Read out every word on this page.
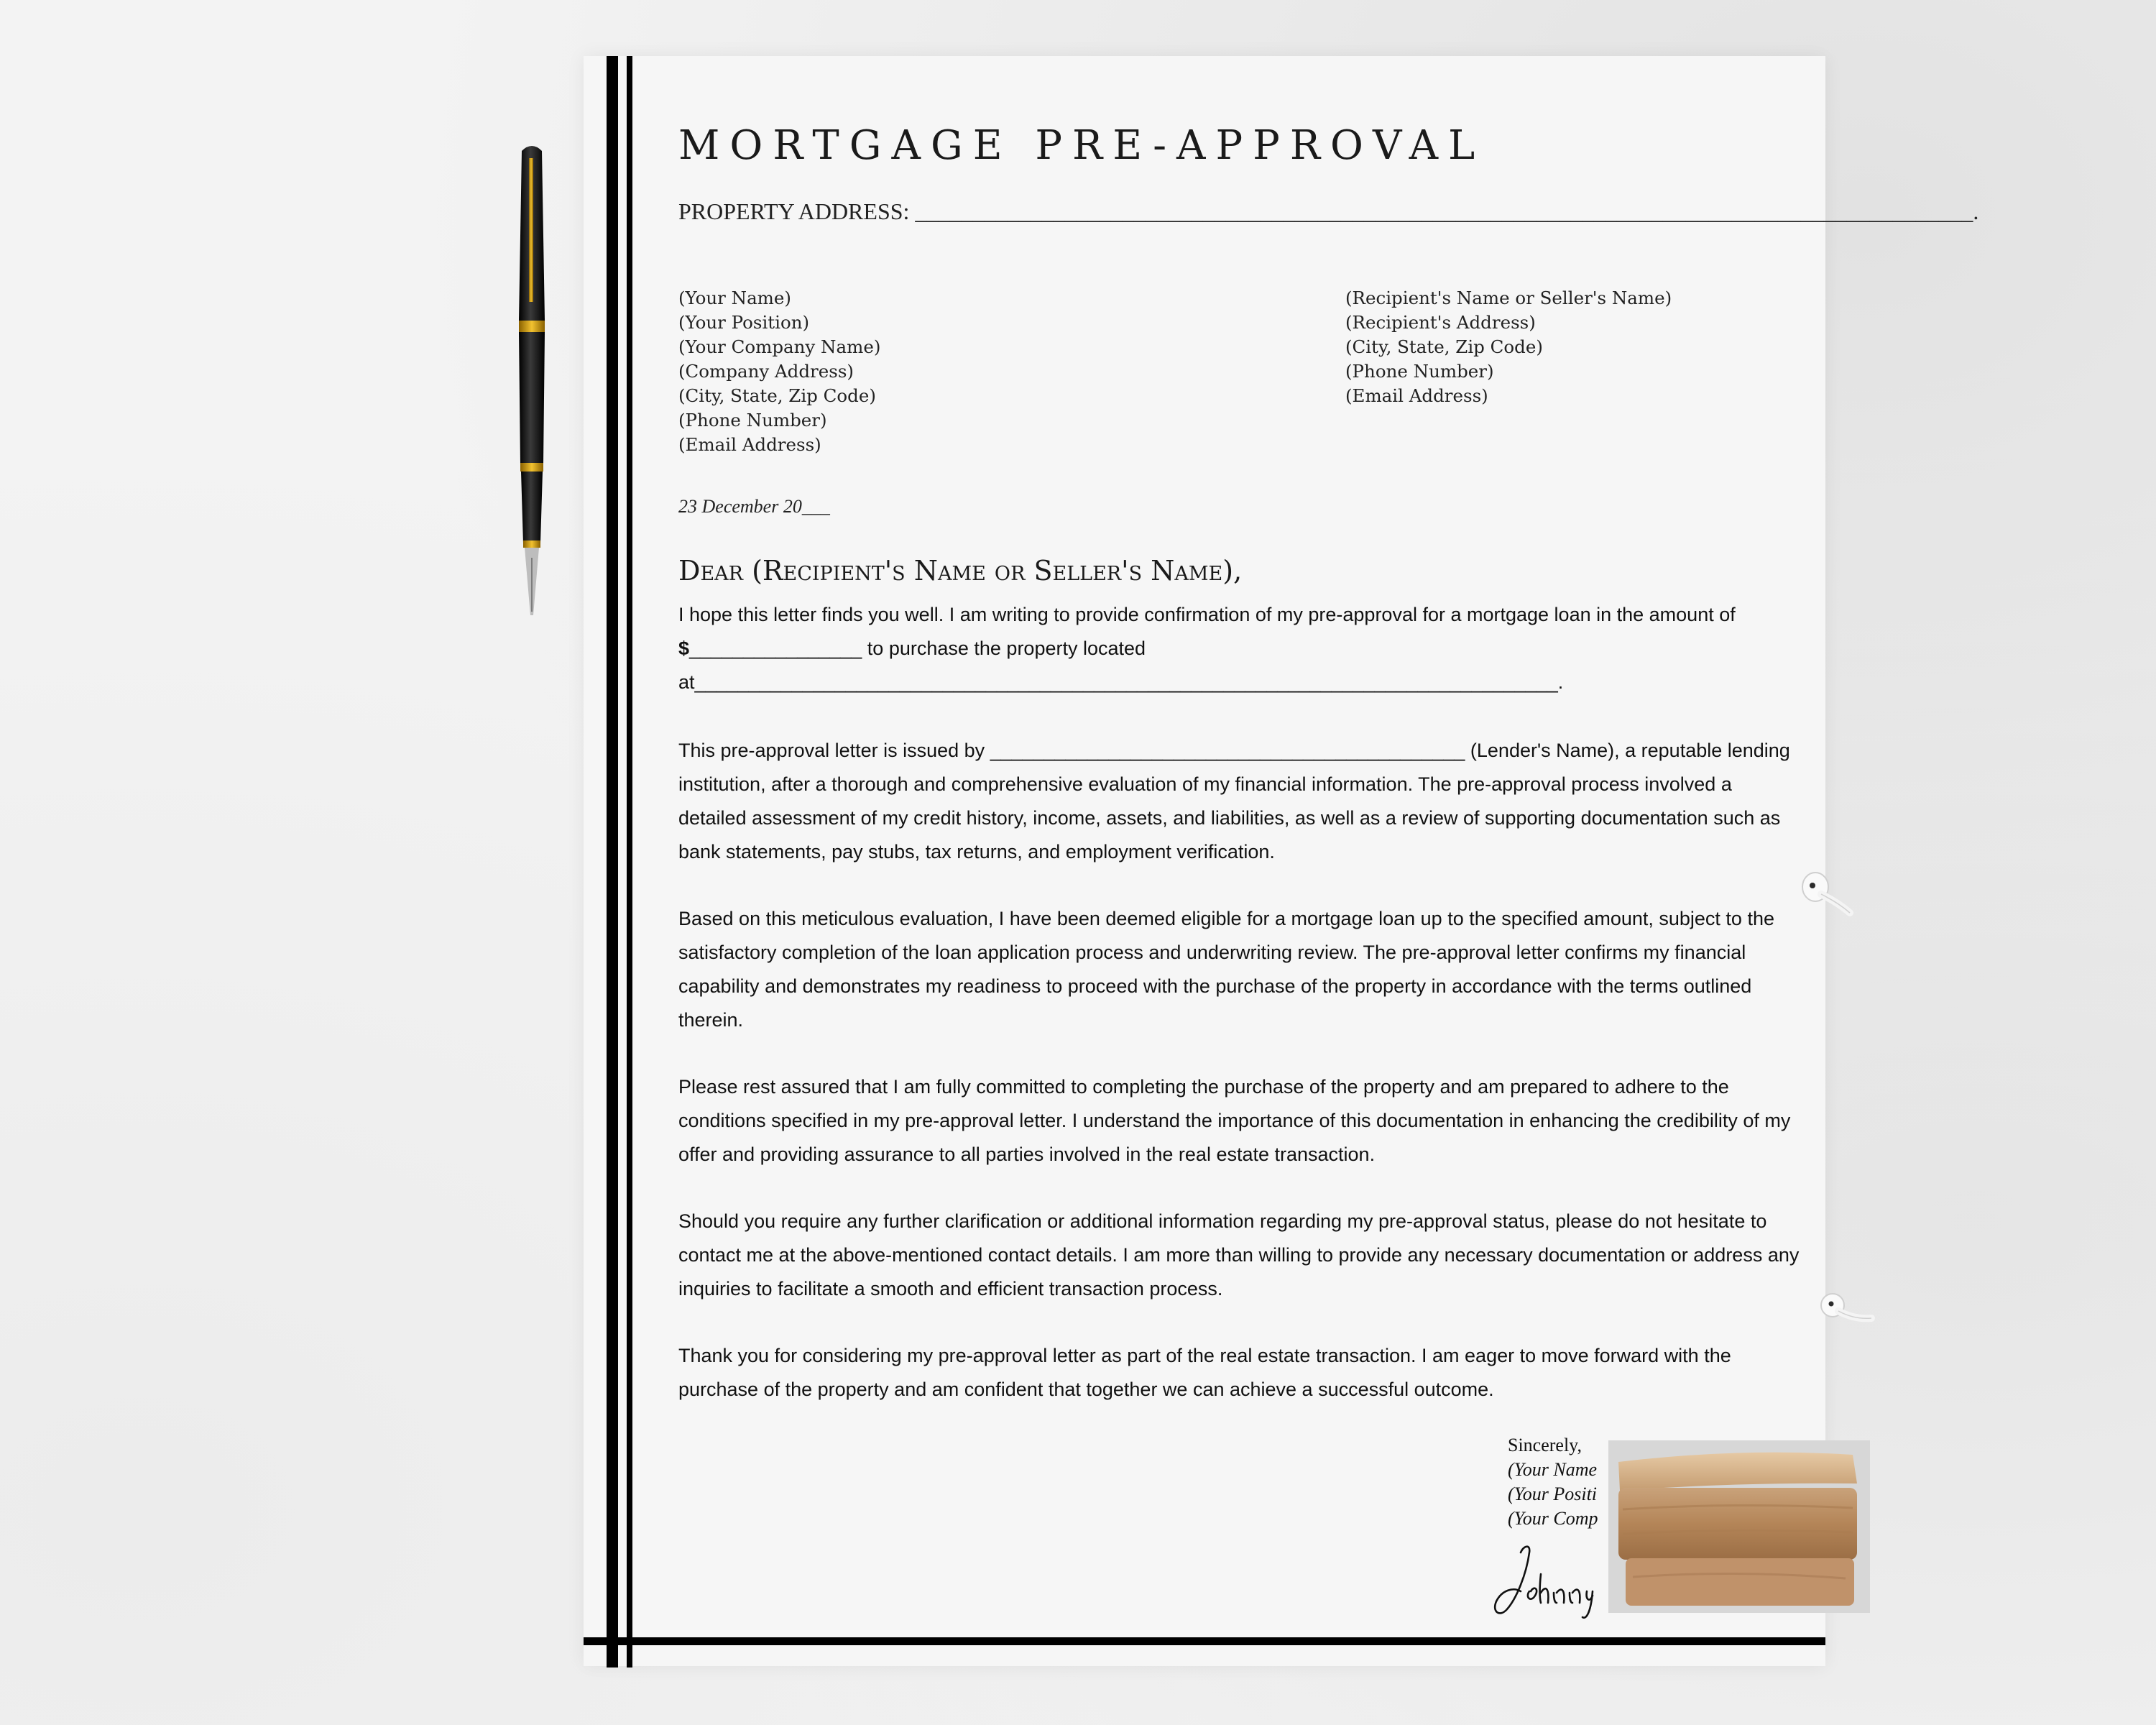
MORTGAGE PRE-APPROVAL
PROPERTY ADDRESS: ____________________________________________________________________________________________.
(Your Name)
(Your Position)
(Your Company Name)
(Company Address)
(City, State, Zip Code)
(Phone Number)
(Email Address)
(Recipient's Name or Seller's Name)
(Recipient's Address)
(City, State, Zip Code)
(Phone Number)
(Email Address)
23 December 20___
Dear (Recipient's Name or Seller's Name),
I hope this letter finds you well. I am writing to provide confirmation of my pre-approval for a mortgage loan in the amount of
$________________ to purchase the property located
at________________________________________________________________________________.

This pre-approval letter is issued by ____________________________________________ (Lender's Name), a reputable lending institution, after a thorough and comprehensive evaluation of my financial information. The pre-approval process involved a detailed assessment of my credit history, income, assets, and liabilities, as well as a review of supporting documentation such as bank statements, pay stubs, tax returns, and employment verification.

Based on this meticulous evaluation, I have been deemed eligible for a mortgage loan up to the specified amount, subject to the satisfactory completion of the loan application process and underwriting review. The pre-approval letter confirms my financial capability and demonstrates my readiness to proceed with the purchase of the property in accordance with the terms outlined therein.

Please rest assured that I am fully committed to completing the purchase of the property and am prepared to adhere to the conditions specified in my pre-approval letter. I understand the importance of this documentation in enhancing the credibility of my offer and providing assurance to all parties involved in the real estate transaction.

Should you require any further clarification or additional information regarding my pre-approval status, please do not hesitate to contact me at the above-mentioned contact details. I am more than willing to provide any necessary documentation or address any inquiries to facilitate a smooth and efficient transaction process.

Thank you for considering my pre-approval letter as part of the real estate transaction. I am eager to move forward with the purchase of the property and am confident that together we can achieve a successful outcome.

Sincerely,
(Your Name
(Your Positi
(Your Comp
